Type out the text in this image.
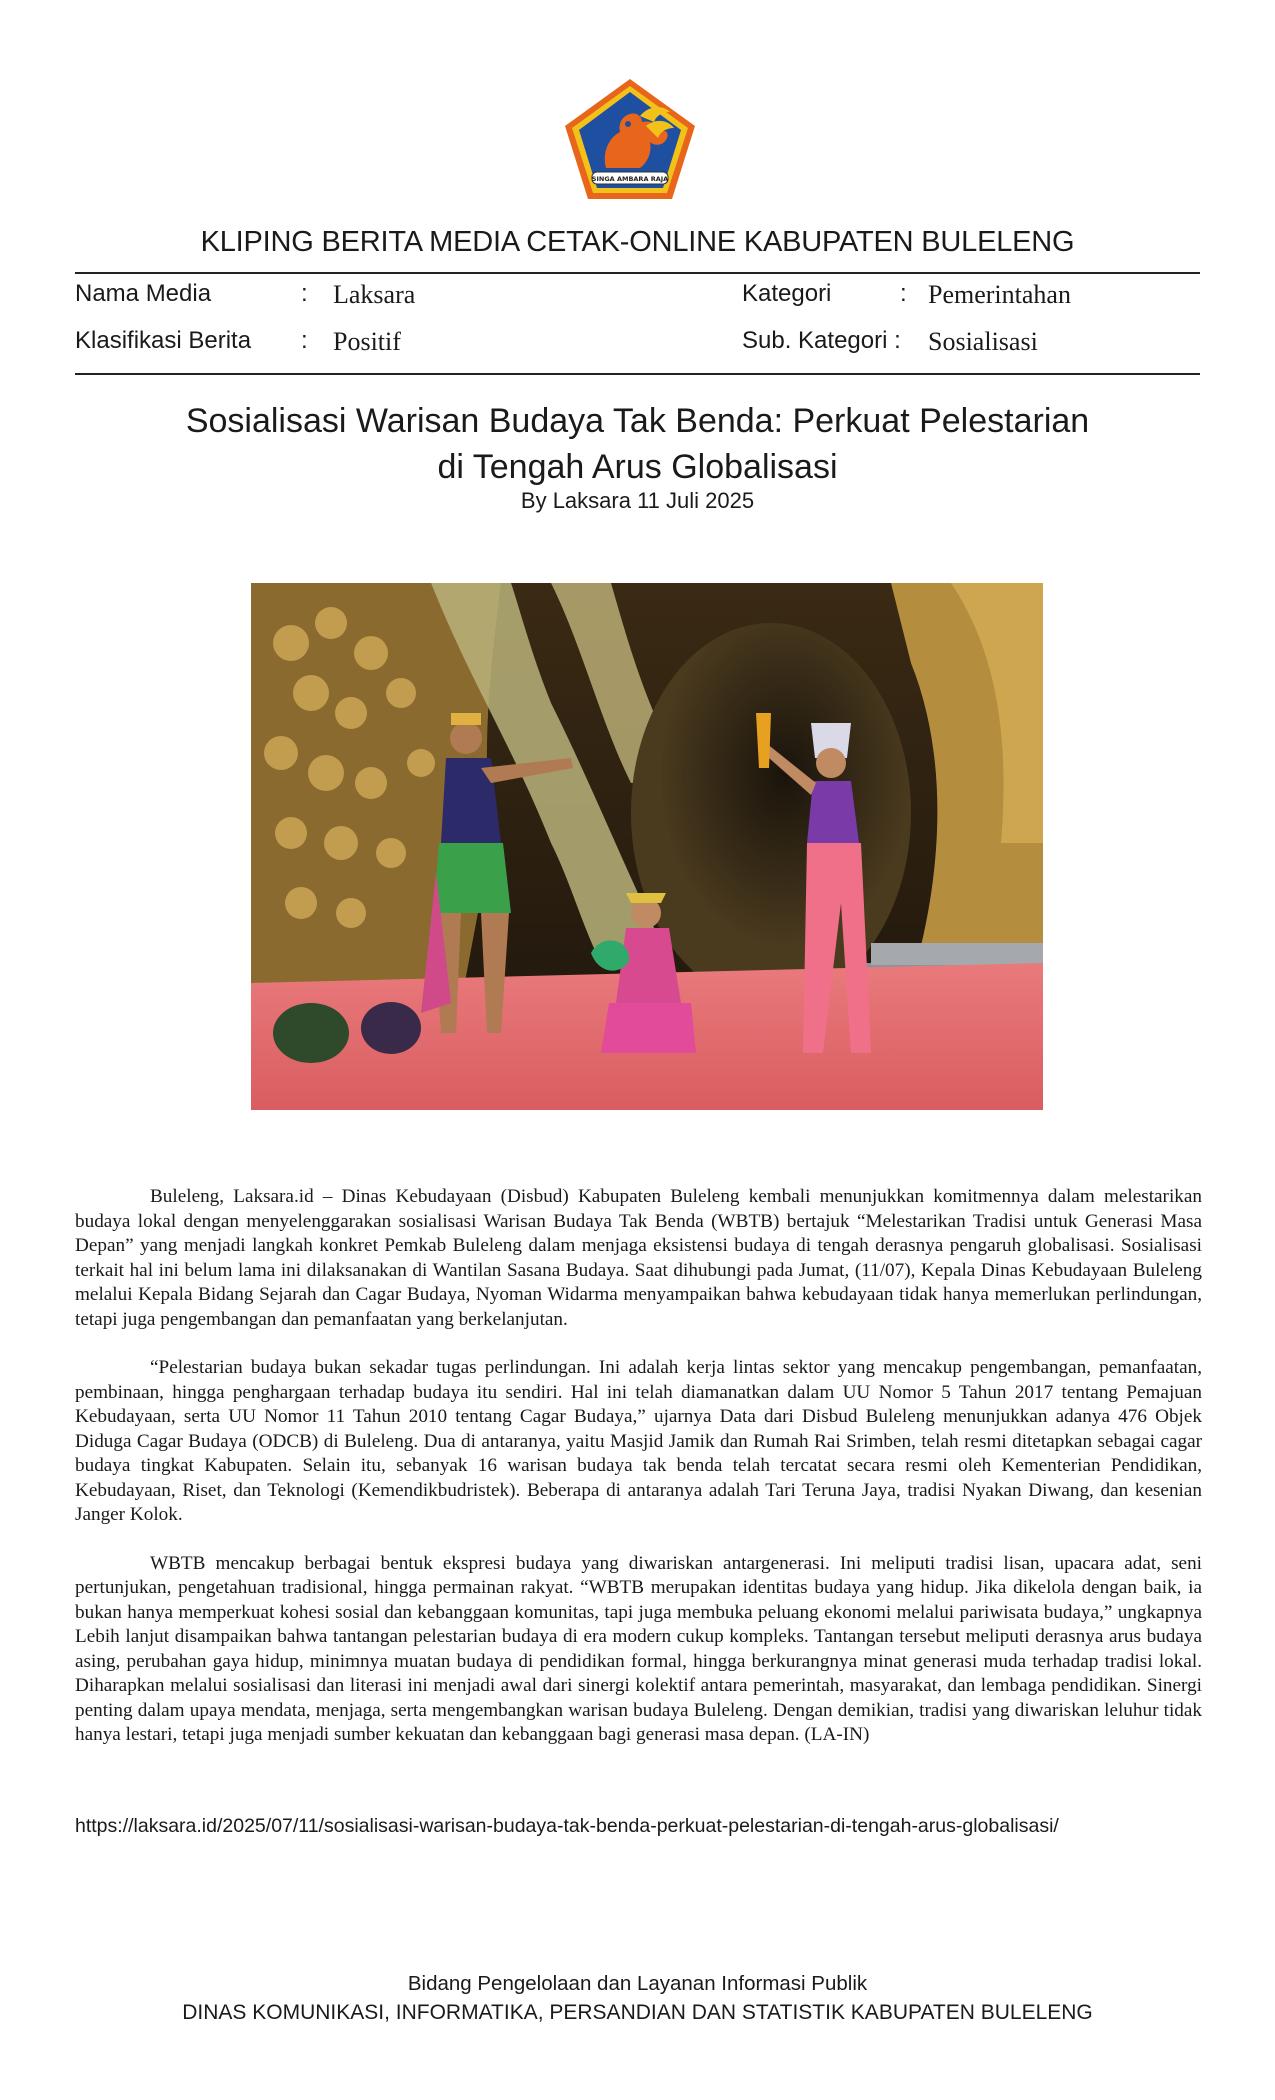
SINGA AMBARA RAJA
KLIPING BERITA MEDIA CETAK-ONLINE KABUPATEN BULELENG
Nama Media	: Laksara	Kategori	: Pemerintahan
Klasifikasi Berita : Positif	Sub. Kategori : Sosialisasi
Sosialisasi Warisan Budaya Tak Benda: Perkuat Pelestarian
di Tengah Arus Globalisasi
By Laksara 11 Juli 2025

Buleleng, Laksara.id – Dinas Kebudayaan (Disbud) Kabupaten Buleleng kembali menunjukkan komitmennya dalam melestarikan budaya lokal dengan menyelenggarakan sosialisasi Warisan Budaya Tak Benda (WBTB) bertajuk “Melestarikan Tradisi untuk Generasi Masa Depan” yang menjadi langkah konkret Pemkab Buleleng dalam menjaga eksistensi budaya di tengah derasnya pengaruh globalisasi. Sosialisasi terkait hal ini belum lama ini dilaksanakan di Wantilan Sasana Budaya. Saat dihubungi pada Jumat, (11/07), Kepala Dinas Kebudayaan Buleleng melalui Kepala Bidang Sejarah dan Cagar Budaya, Nyoman Widarma menyampaikan bahwa kebudayaan tidak hanya memerlukan perlindungan, tetapi juga pengembangan dan pemanfaatan yang berkelanjutan.

“Pelestarian budaya bukan sekadar tugas perlindungan. Ini adalah kerja lintas sektor yang mencakup pengembangan, pemanfaatan, pembinaan, hingga penghargaan terhadap budaya itu sendiri. Hal ini telah diamanatkan dalam UU Nomor 5 Tahun 2017 tentang Pemajuan Kebudayaan, serta UU Nomor 11 Tahun 2010 tentang Cagar Budaya,” ujarnya Data dari Disbud Buleleng menunjukkan adanya 476 Objek Diduga Cagar Budaya (ODCB) di Buleleng. Dua di antaranya, yaitu Masjid Jamik dan Rumah Rai Srimben, telah resmi ditetapkan sebagai cagar budaya tingkat Kabupaten. Selain itu, sebanyak 16 warisan budaya tak benda telah tercatat secara resmi oleh Kementerian Pendidikan, Kebudayaan, Riset, dan Teknologi (Kemendikbudristek). Beberapa di antaranya adalah Tari Teruna Jaya, tradisi Nyakan Diwang, dan kesenian Janger Kolok.

WBTB mencakup berbagai bentuk ekspresi budaya yang diwariskan antargenerasi. Ini meliputi tradisi lisan, upacara adat, seni pertunjukan, pengetahuan tradisional, hingga permainan rakyat. “WBTB merupakan identitas budaya yang hidup. Jika dikelola dengan baik, ia bukan hanya memperkuat kohesi sosial dan kebanggaan komunitas, tapi juga membuka peluang ekonomi melalui pariwisata budaya,” ungkapnya Lebih lanjut disampaikan bahwa tantangan pelestarian budaya di era modern cukup kompleks. Tantangan tersebut meliputi derasnya arus budaya asing, perubahan gaya hidup, minimnya muatan budaya di pendidikan formal, hingga berkurangnya minat generasi muda terhadap tradisi lokal. Diharapkan melalui sosialisasi dan literasi ini menjadi awal dari sinergi kolektif antara pemerintah, masyarakat, dan lembaga pendidikan. Sinergi penting dalam upaya mendata, menjaga, serta mengembangkan warisan budaya Buleleng. Dengan demikian, tradisi yang diwariskan leluhur tidak hanya lestari, tetapi juga menjadi sumber kekuatan dan kebanggaan bagi generasi masa depan. (LA-IN)

https://laksara.id/2025/07/11/sosialisasi-warisan-budaya-tak-benda-perkuat-pelestarian-di-tengah-arus-globalisasi/
Bidang Pengelolaan dan Layanan Informasi Publik
DINAS KOMUNIKASI, INFORMATIKA, PERSANDIAN DAN STATISTIK KABUPATEN BULELENG
